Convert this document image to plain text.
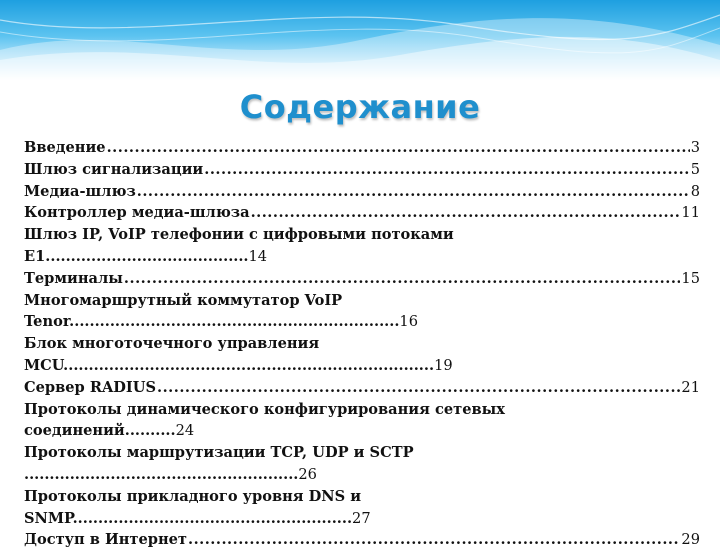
Содержание
Введение .....	3
Шлюз сигнализации .....	5
Медиа-шлюз .....	8
Контроллер медиа-шлюза .....	11
Шлюз IP, VoIP телефонии с цифровыми потоками
E1........................................14
Терминалы .....	15
Многомаршрутный коммутатор VoIP
Tenor.................................................................16
Блок многоточечного управления
MCU.........................................................................19
Сервер RADIUS .....	21
Протоколы динамического конфигурирования сетевых
соединений..........24
Протоколы маршрутизации TCP, UDP и SCTP
......................................................26
Протоколы прикладного уровня DNS и
SNMP.......................................................27
Доступ в Интернет .....	29
